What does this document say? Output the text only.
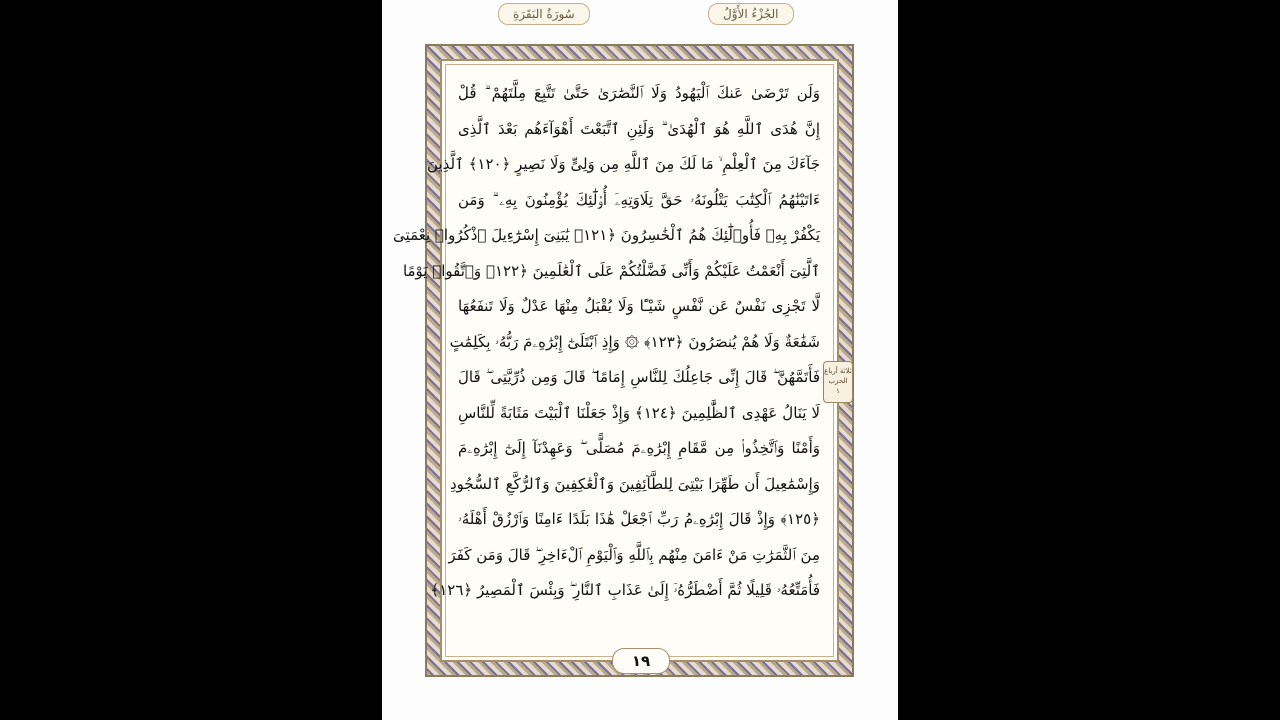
سُورَةُ البَقَرَةِ	الجُزْءُ الأَوَّلُ
وَلَن تَرْضَىٰ عَنكَ ٱلْيَهُودُ وَلَا ٱلنَّصَٰرَىٰ حَتَّىٰ تَتَّبِعَ مِلَّتَهُمْ ۗ قُلْ
إِنَّ هُدَى ٱللَّهِ هُوَ ٱلْهُدَىٰ ۗ وَلَئِنِ ٱتَّبَعْتَ أَهْوَآءَهُم بَعْدَ ٱلَّذِى
جَآءَكَ مِنَ ٱلْعِلْمِ ۙ مَا لَكَ مِنَ ٱللَّهِ مِن وَلِىٍّ وَلَا نَصِيرٍ ﴿١٢٠﴾ ٱلَّذِينَ
ءَاتَيْنَٰهُمُ ٱلْكِتَٰبَ يَتْلُونَهُۥ حَقَّ تِلَاوَتِهِۦٓ أُو۟لَٰٓئِكَ يُؤْمِنُونَ بِهِۦ ۗ وَمَن
يَكْفُرْ بِهِۦ فَأُو۟لَٰٓئِكَ هُمُ ٱلْخَٰسِرُونَ ﴿١٢١﴾ يَٰبَنِىٓ إِسْرَٰٓءِيلَ ٱذْكُرُوا۟ نِعْمَتِىَ
ٱلَّتِىٓ أَنْعَمْتُ عَلَيْكُمْ وَأَنِّى فَضَّلْتُكُمْ عَلَى ٱلْعَٰلَمِينَ ﴿١٢٢﴾ وَٱتَّقُوا۟ يَوْمًا
لَّا تَجْزِى نَفْسٌ عَن نَّفْسٍ شَيْـًٔا وَلَا يُقْبَلُ مِنْهَا عَدْلٌ وَلَا تَنفَعُهَا
شَفَٰعَةٌ وَلَا هُمْ يُنصَرُونَ ﴿١٢٣﴾ ۞ وَإِذِ ٱبْتَلَىٰٓ إِبْرَٰهِۦمَ رَبُّهُۥ بِكَلِمَٰتٍ
فَأَتَمَّهُنَّ ۖ قَالَ إِنِّى جَاعِلُكَ لِلنَّاسِ إِمَامًا ۖ قَالَ وَمِن ذُرِّيَّتِى ۖ قَالَ
لَا يَنَالُ عَهْدِى ٱلظَّٰلِمِينَ ﴿١٢٤﴾ وَإِذْ جَعَلْنَا ٱلْبَيْتَ مَثَابَةً لِّلنَّاسِ
وَأَمْنًا وَٱتَّخِذُوا۟ مِن مَّقَامِ إِبْرَٰهِۦمَ مُصَلًّى ۖ وَعَهِدْنَآ إِلَىٰٓ إِبْرَٰهِۦمَ
وَإِسْمَٰعِيلَ أَن طَهِّرَا بَيْتِىَ لِلطَّآئِفِينَ وَٱلْعَٰكِفِينَ وَٱلرُّكَّعِ ٱلسُّجُودِ
﴿١٢٥﴾ وَإِذْ قَالَ إِبْرَٰهِۦمُ رَبِّ ٱجْعَلْ هَٰذَا بَلَدًا ءَامِنًا وَٱرْزُقْ أَهْلَهُۥ
مِنَ ٱلثَّمَرَٰتِ مَنْ ءَامَنَ مِنْهُم بِٱللَّهِ وَٱلْيَوْمِ ٱلْءَاخِرِ ۖ قَالَ وَمَن كَفَرَ
فَأُمَتِّعُهُۥ قَلِيلًا ثُمَّ أَضْطَرُّهُۥٓ إِلَىٰ عَذَابِ ٱلنَّارِ ۖ وَبِئْسَ ٱلْمَصِيرُ ﴿١٢٦﴾
ثلاثة أرباع
الحزب
١
١٩
